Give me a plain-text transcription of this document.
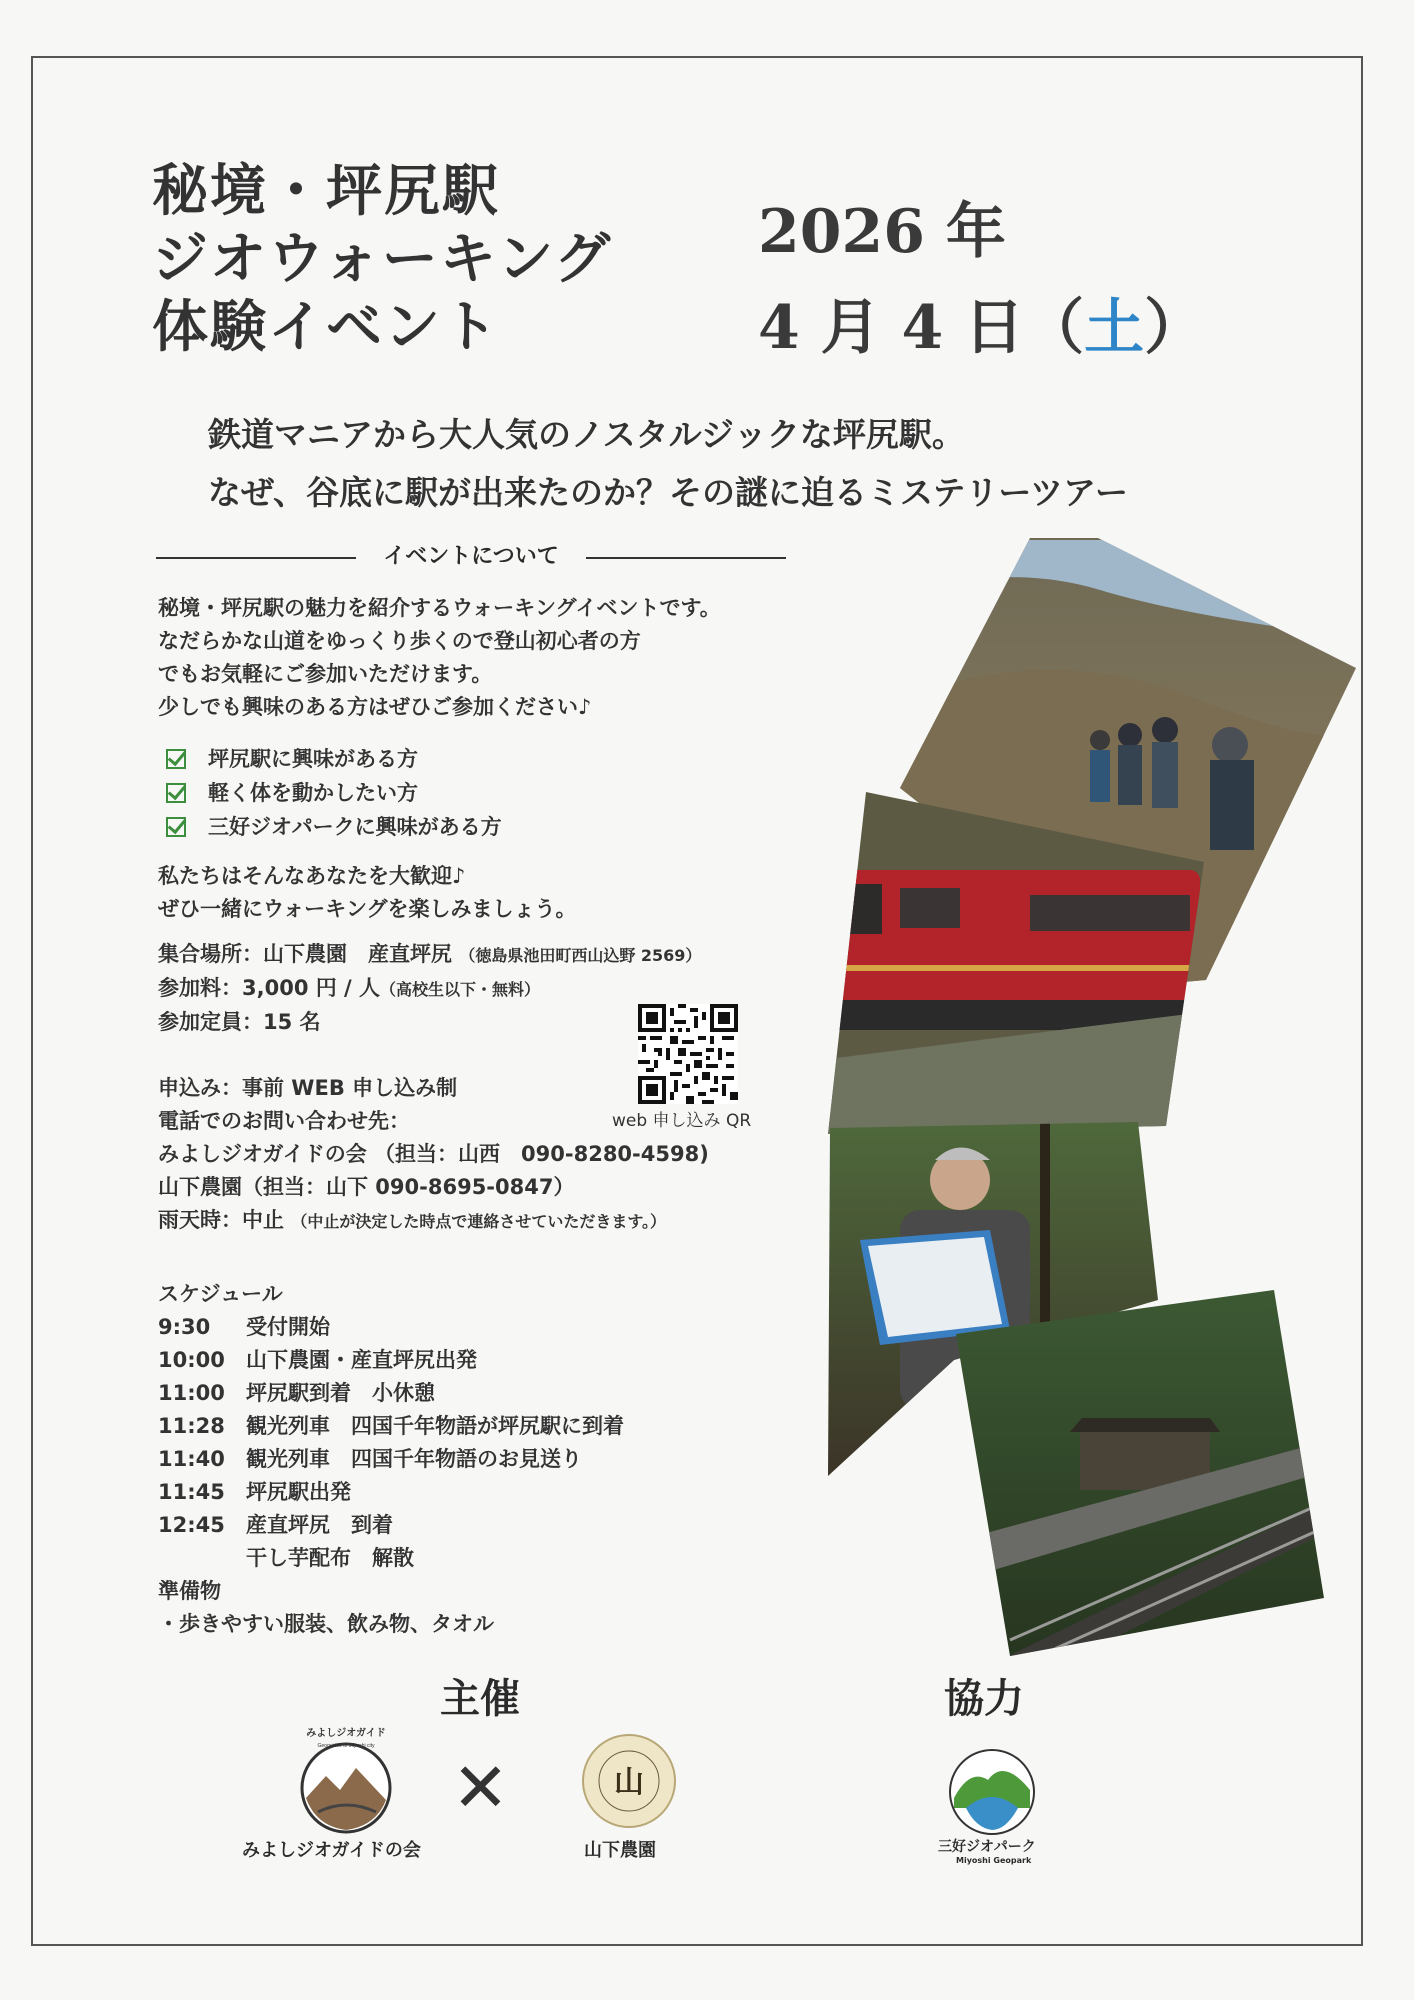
秘境・坪尻駅
ジオウォーキング
体験イベント
2026 年
4 月 4 日（土）
鉄道マニアから大人気のノスタルジックな坪尻駅。
なぜ、谷底に駅が出来たのか？その謎に迫るミステリーツアー
イベントについて
秘境・坪尻駅の魅力を紹介するウォーキングイベントです。
なだらかな山道をゆっくり歩くので登山初心者の方
でもお気軽にご参加いただけます。
少しでも興味のある方はぜひご参加ください♪
坪尻駅に興味がある方
軽く体を動かしたい方
三好ジオパークに興味がある方
私たちはそんなあなたを大歓迎♪
ぜひ一緒にウォーキングを楽しみましょう。
集合場所：山下農園　産直坪尻 （徳島県池田町西山込野 2569）
参加料：3,000 円 / 人（高校生以下・無料）
参加定員：15 名
web 申し込み QR
申込み：事前 WEB 申し込み制
電話でのお問い合わせ先：
みよしジオガイドの会 （担当：山西　090-8280-4598)
山下農園（担当：山下 090-8695-0847）
雨天時：中止 （中止が決定した時点で連絡させていただきます。）
スケジュール
9:30	受付開始
10:00	山下農園・産直坪尻出発
11:00	坪尻駅到着　小休憩
11:28	観光列車　四国千年物語が坪尻駅に到着
11:40	観光列車　四国千年物語のお見送り
11:45	坪尻駅出発
12:45	産直坪尻　到着
干し芋配布　解散
準備物
・歩きやすい服装、飲み物、タオル
主催	協力
みよしジオガイド
Geoguides of Miyoshi city
みよしジオガイドの会
✕	山
山下農園	三好ジオパーク
Miyoshi Geopark
